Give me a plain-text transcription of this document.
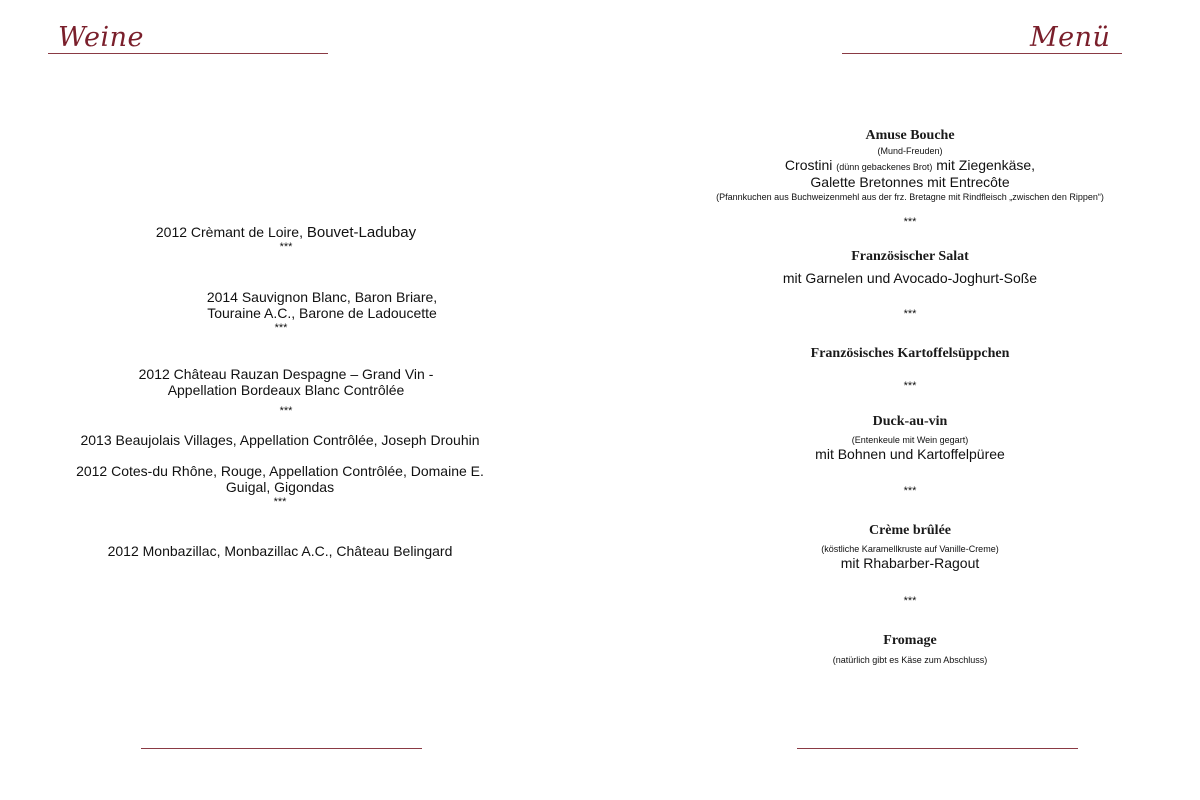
Weine
2012 Crèmant de Loire, Bouvet-Ladubay
***
2014 Sauvignon Blanc, Baron Briare,
Touraine A.C., Barone de Ladoucette
***
2012 Château Rauzan Despagne – Grand Vin -
Appellation Bordeaux Blanc Contrôlée
***
2013 Beaujolais Villages, Appellation Contrôlée, Joseph Drouhin
2012 Cotes-du Rhône, Rouge, Appellation Contrôlée, Domaine E.
Guigal, Gigondas
***
2012 Monbazillac, Monbazillac A.C., Château Belingard
Menü
Amuse Bouche
(Mund-Freuden)
Crostini (dünn gebackenes Brot) mit Ziegenkäse,
Galette Bretonnes mit Entrecôte
(Pfannkuchen aus Buchweizenmehl aus der frz. Bretagne mit Rindfleisch „zwischen den Rippen“)
***
Französischer Salat
mit Garnelen und Avocado-Joghurt-Soße
***
Französisches Kartoffelsüppchen
***
Duck-au-vin
(Entenkeule mit Wein gegart)
mit Bohnen und Kartoffelpüree
***
Crème brûlée
(köstliche Karamellkruste auf Vanille-Creme)
mit Rhabarber-Ragout
***
Fromage
(natürlich gibt es Käse zum Abschluss)
